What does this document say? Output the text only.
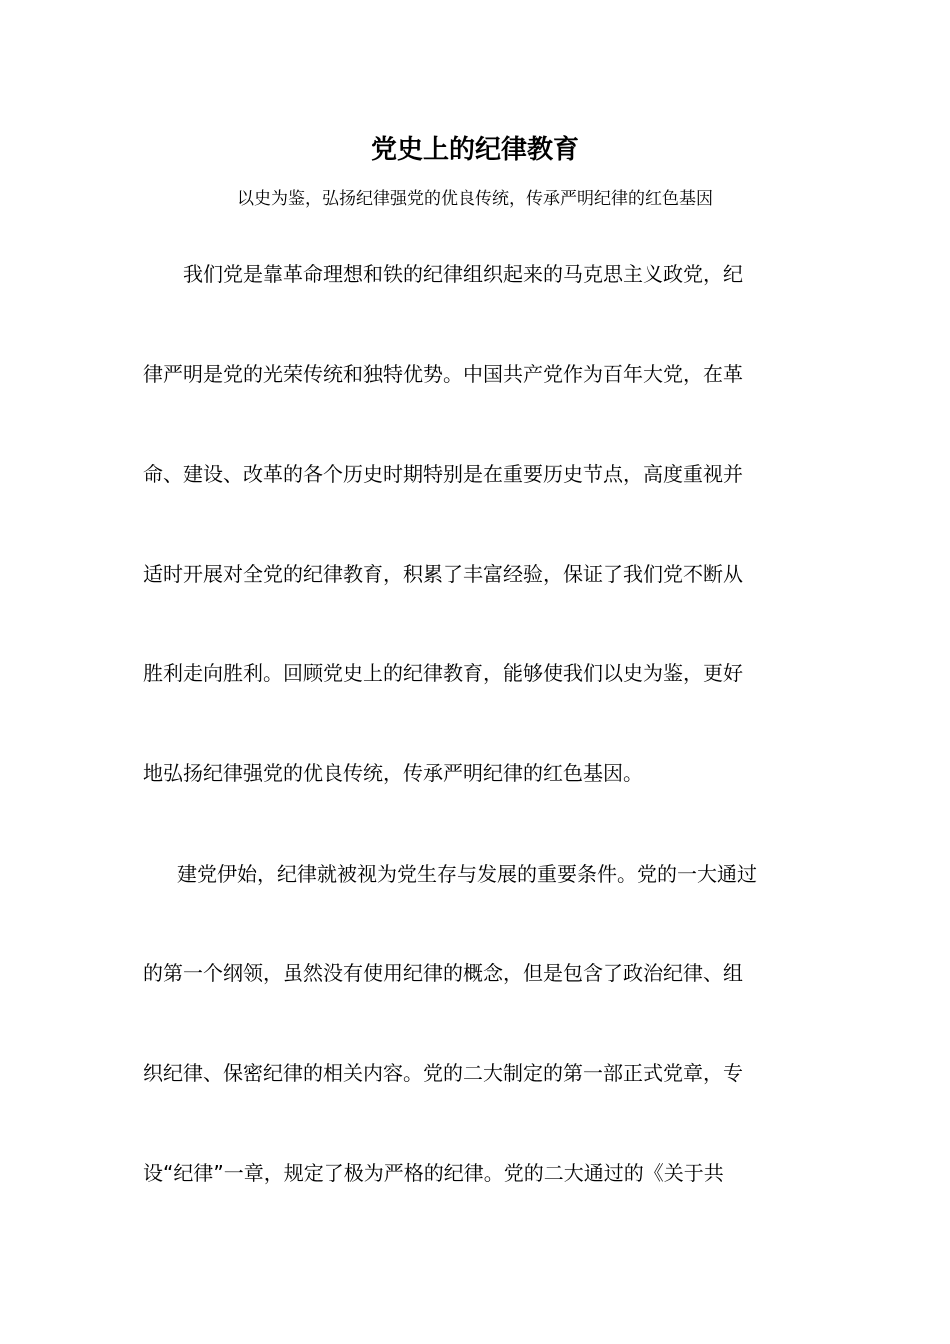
党史上的纪律教育

以史为鉴，弘扬纪律强党的优良传统，传承严明纪律的红色基因

我们党是靠革命理想和铁的纪律组织起来的马克思主义政党，纪

律严明是党的光荣传统和独特优势。中国共产党作为百年大党，在革

命、建设、改革的各个历史时期特别是在重要历史节点，高度重视并

适时开展对全党的纪律教育，积累了丰富经验，保证了我们党不断从

胜利走向胜利。回顾党史上的纪律教育，能够使我们以史为鉴，更好

地弘扬纪律强党的优良传统，传承严明纪律的红色基因。

建党伊始，纪律就被视为党生存与发展的重要条件。党的一大通过

的第一个纲领，虽然没有使用纪律的概念，但是包含了政治纪律、组

织纪律、保密纪律的相关内容。党的二大制定的第一部正式党章，专

设“纪律”一章，规定了极为严格的纪律。党的二大通过的《关于共
